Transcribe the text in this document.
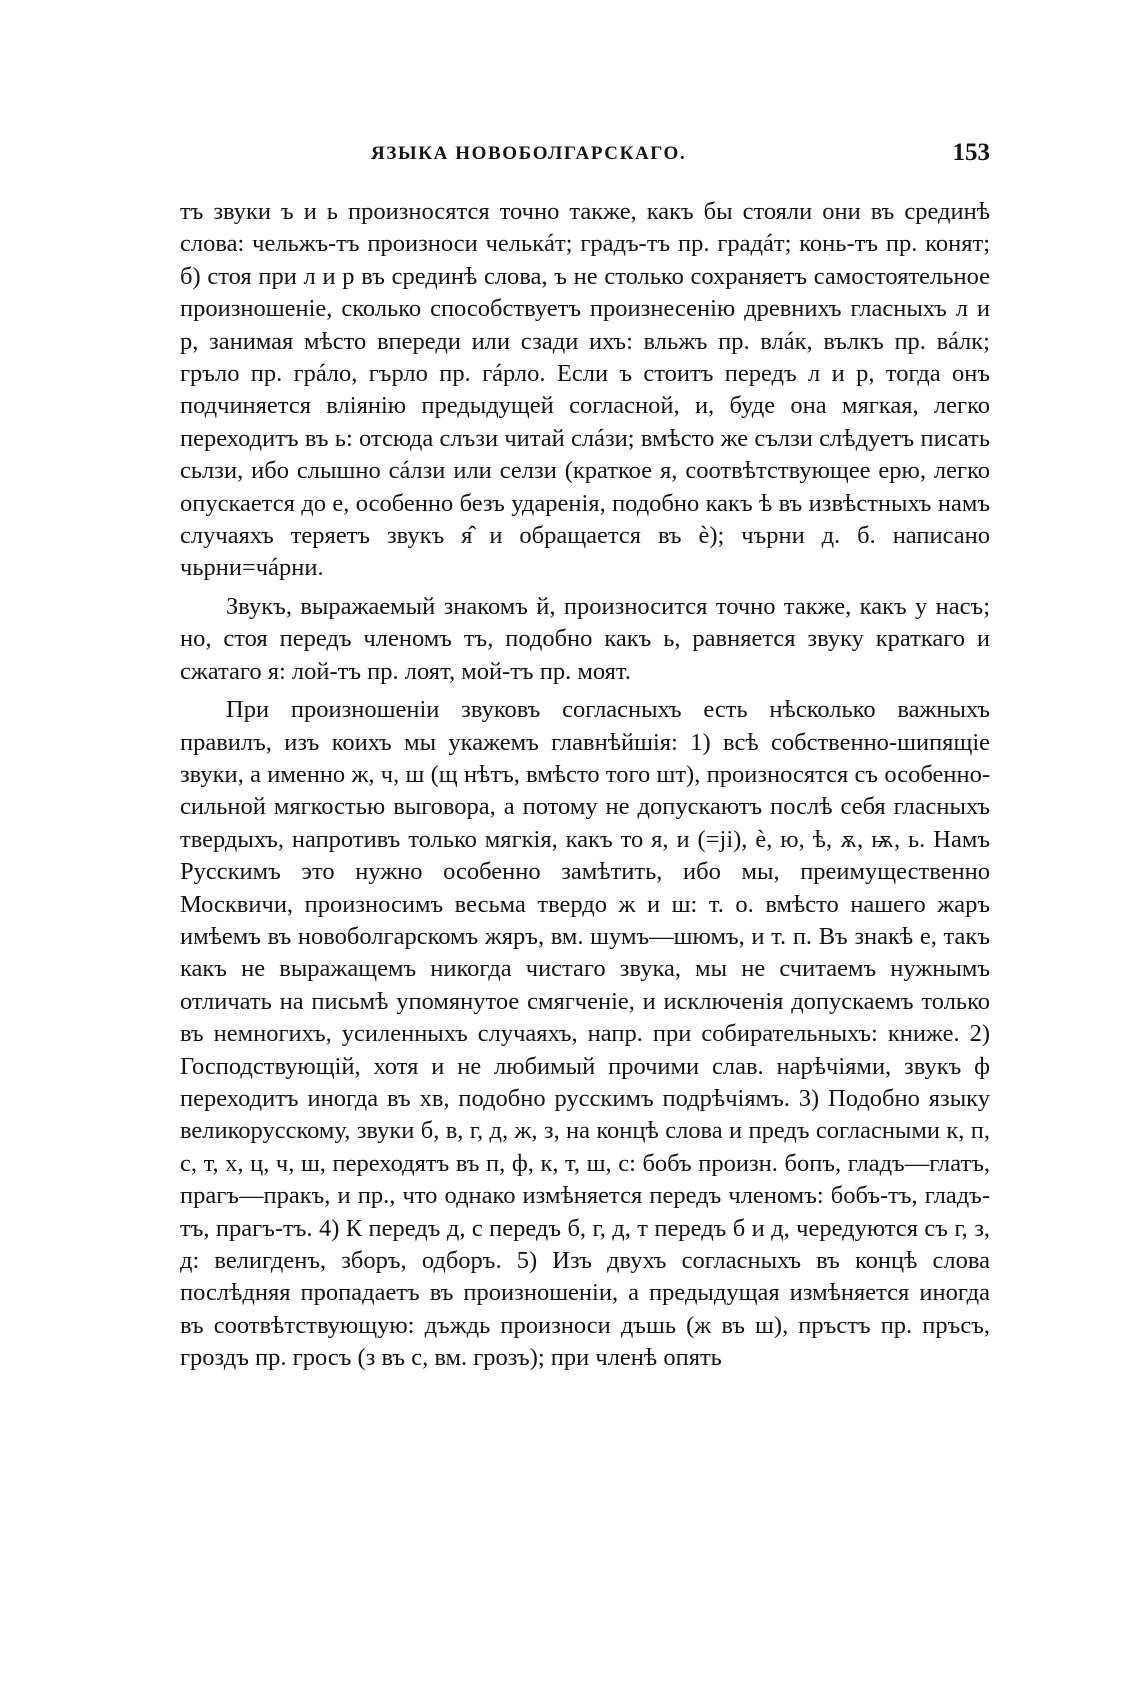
ЯЗЫКА НОВОБОЛГАРСКАГО.	153

тъ звуки ъ и ь произносятся точно также, какъ бы стояли они въ срединѣ слова: чельжъ-тъ произноси челькáт; градъ-тъ пр. градáт; конь-тъ пр. конят; б) стоя при л и р въ срединѣ слова, ъ не столько сохраняетъ самостоятельное произношеніе, сколько способствуетъ произнесенію древнихъ гласныхъ л и р, занимая мѣсто впереди или сзади ихъ: вльжъ пр. влáк, вълкъ пр. вáлк; гръло пр. грáло, гърло пр. гáрло. Если ъ стоитъ передъ л и р, тогда онъ подчиняется вліянію предыдущей согласной, и, буде она мягкая, легко переходитъ въ ь: отсюда слъзи читай слáзи; вмѣсто же сълзи слѣдуетъ писать сьлзи, ибо слышно сáлзи или селзи (краткое я, соотвѣтствующее ерю, легко опускается до е, особенно безъ ударенія, подобно какъ ѣ въ извѣстныхъ намъ случаяхъ теряетъ звукъ я̂ и обращается въ ѐ); чърни д. б. написано чьрни=чáрни.

Звукъ, выражаемый знакомъ й, произносится точно также, какъ у насъ; но, стоя передъ членомъ тъ, подобно какъ ь, равняется звуку краткаго и сжатаго я: лой-тъ пр. лоят, мой-тъ пр. моят.

При произношеніи звуковъ согласныхъ есть нѣсколько важныхъ правилъ, изъ коихъ мы укажемъ главнѣйшія: 1) всѣ собственно-шипящіе звуки, а именно ж, ч, ш (щ нѣтъ, вмѣсто того шт), произносятся съ особенно-сильной мягкостью выговора, а потому не допускаютъ послѣ себя гласныхъ твердыхъ, напротивъ только мягкія, какъ то я, и (=ji), ѐ, ю, ѣ, ѫ, ѭ, ь. Намъ Русскимъ это нужно особенно замѣтить, ибо мы, преимущественно Москвичи, произносимъ весьма твердо ж и ш: т. о. вмѣсто нашего жаръ имѣемъ въ новоболгарскомъ жяръ, вм. шумъ—шюмъ, и т. п. Въ знакѣ е, такъ какъ не выражащемъ никогда чистаго звука, мы не считаемъ нужнымъ отличать на письмѣ упомянутое смягченіе, и исключенія допускаемъ только въ немногихъ, усиленныхъ случаяхъ, напр. при собирательныхъ: книже. 2) Господствующій, хотя и не любимый прочими слав. нарѣчіями, звукъ ф переходитъ иногда въ хв, подобно русскимъ подрѣчіямъ. 3) Подобно языку великорусскому, звуки б, в, г, д, ж, з, на концѣ слова и предъ согласными к, п, с, т, х, ц, ч, ш, переходятъ въ п, ф, к, т, ш, с: бобъ произн. бопъ, гладъ—глатъ, прагъ—пракъ, и пр., что однако измѣняется передъ членомъ: бобъ-тъ, гладъ-тъ, прагъ-тъ. 4) К передъ д, с передъ б, г, д, т передъ б и д, чередуются съ г, з, д: велигденъ, зборъ, одборъ. 5) Изъ двухъ согласныхъ въ концѣ слова послѣдняя пропадаетъ въ произношеніи, а предыдущая измѣняется иногда въ соотвѣтствующую: дъждь произноси дъшь (ж въ ш), пръстъ пр. пръсъ, гроздъ пр. гросъ (з въ с, вм. грозъ); при членѣ опять
